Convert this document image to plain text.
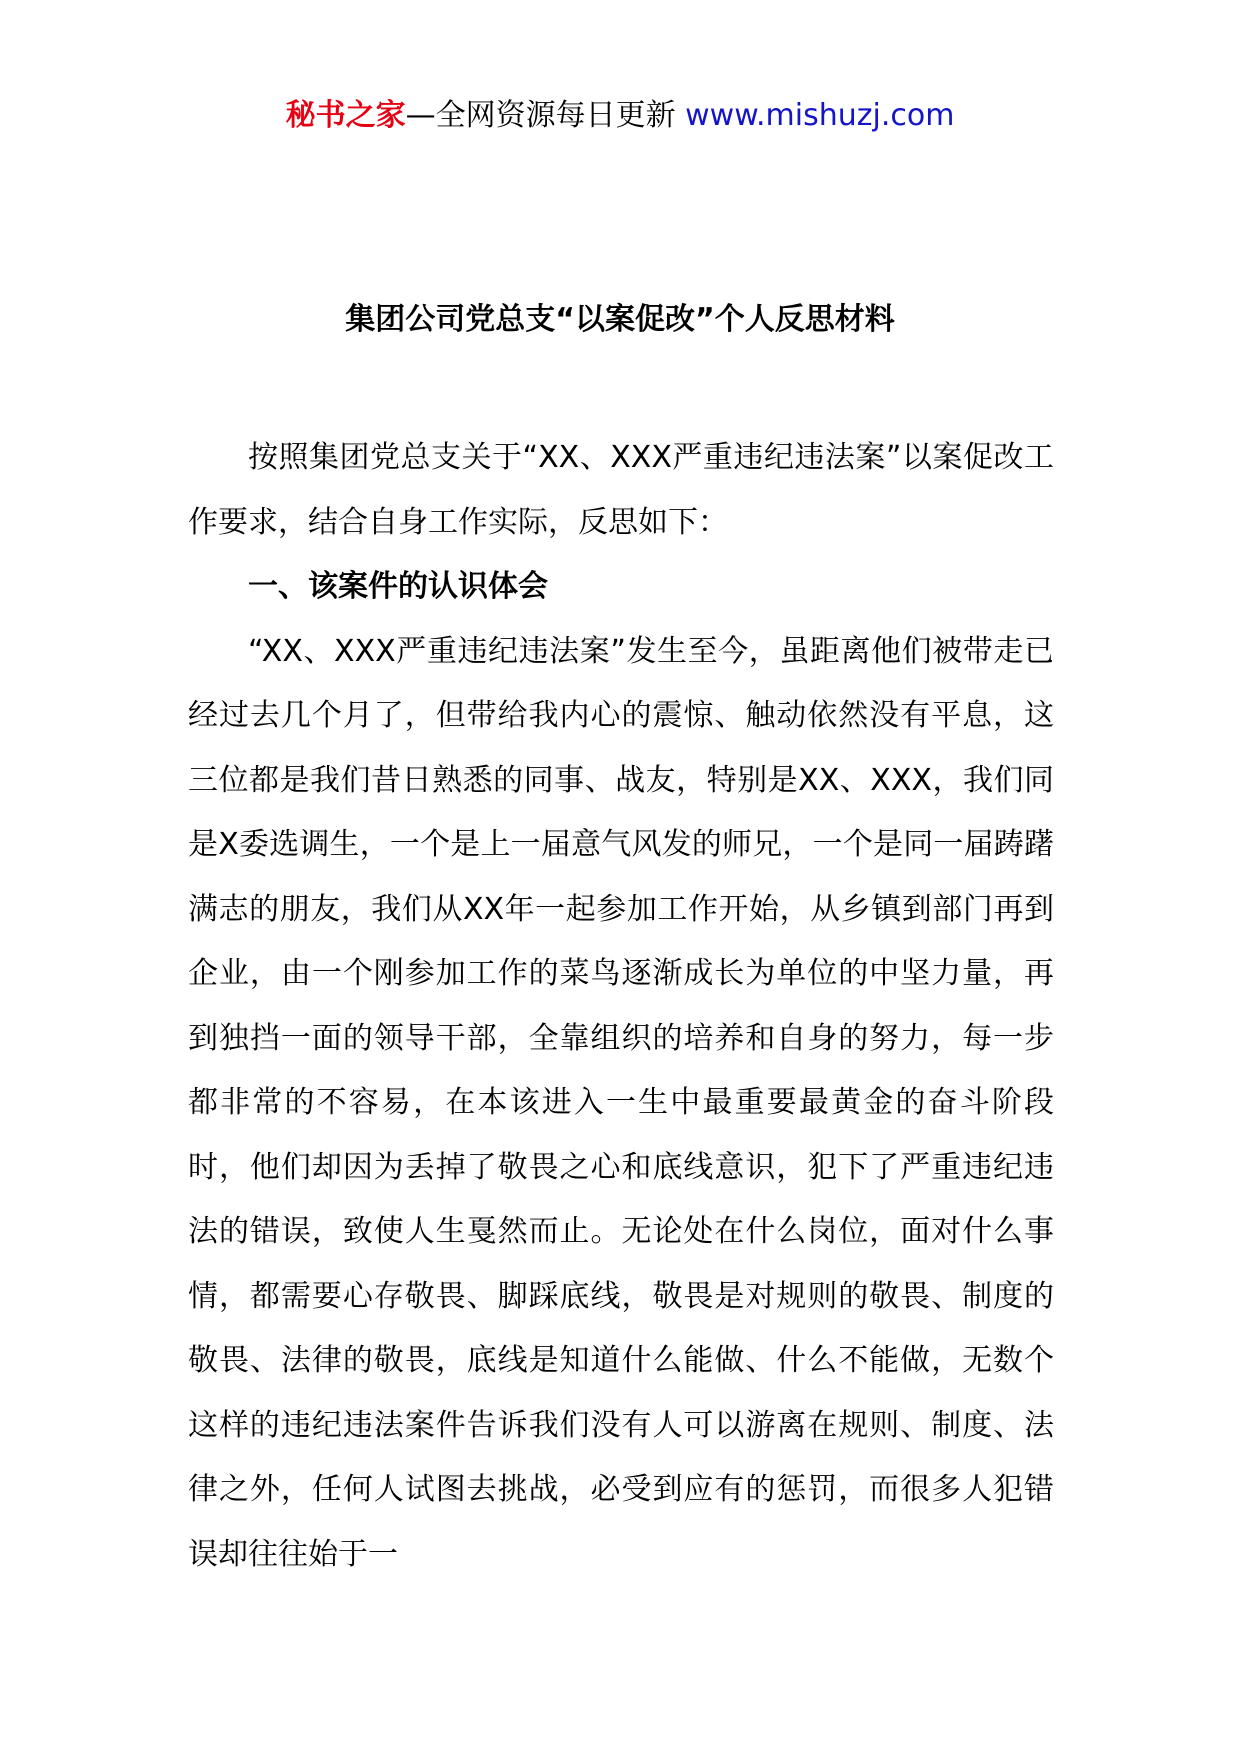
秘书之家—全网资源每日更新 www.mishuzj.com
集团公司党总支“以案促改”个人反思材料

按照集团党总支关于“XX、XXX严重违纪违法案”以案促改工作要求，结合自身工作实际，反思如下：

一、该案件的认识体会

“XX、XXX严重违纪违法案”发生至今，虽距离他们被带走已经过去几个月了，但带给我内心的震惊、触动依然没有平息，这三位都是我们昔日熟悉的同事、战友，特别是XX、XXX，我们同是X委选调生，一个是上一届意气风发的师兄，一个是同一届踌躇满志的朋友，我们从XX年一起参加工作开始，从乡镇到部门再到企业，由一个刚参加工作的菜鸟逐渐成长为单位的中坚力量，再到独挡一面的领导干部，全靠组织的培养和自身的努力，每一步都非常的不容易，在本该进入一生中最重要最黄金的奋斗阶段时，他们却因为丢掉了敬畏之心和底线意识，犯下了严重违纪违法的错误，致使人生戛然而止。无论处在什么岗位，面对什么事情，都需要心存敬畏、脚踩底线，敬畏是对规则的敬畏、制度的敬畏、法律的敬畏，底线是知道什么能做、什么不能做，无数个这样的违纪违法案件告诉我们没有人可以游离在规则、制度、法律之外，任何人试图去挑战，必受到应有的惩罚，而很多人犯错误却往往始于一
